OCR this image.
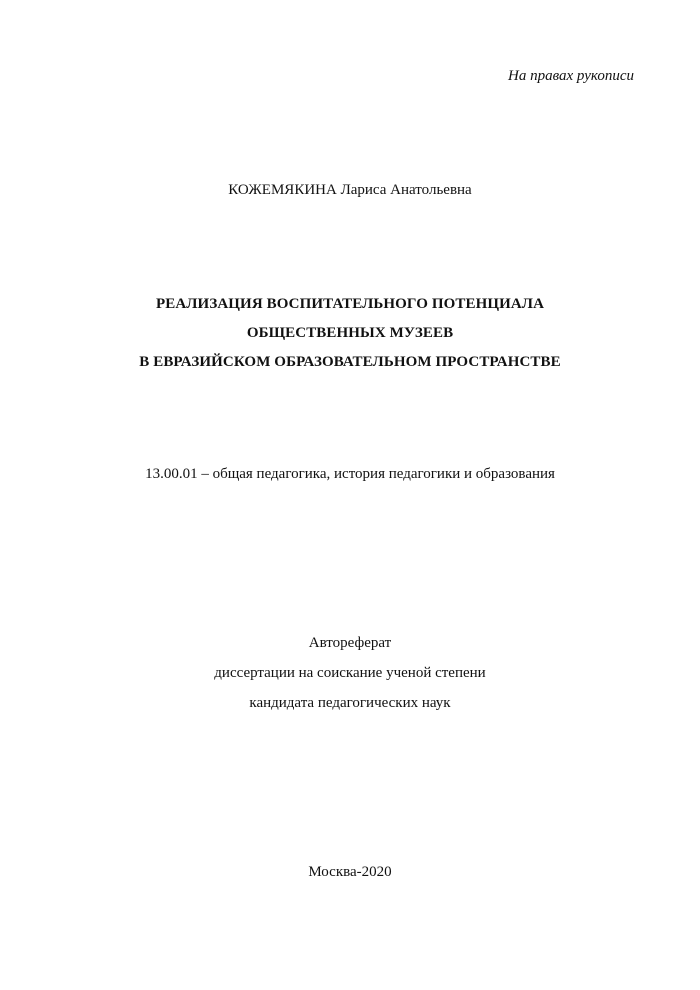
На правах рукописи
КОЖЕМЯКИНА Лариса Анатольевна
РЕАЛИЗАЦИЯ ВОСПИТАТЕЛЬНОГО ПОТЕНЦИАЛА
ОБЩЕСТВЕННЫХ МУЗЕЕВ
В ЕВРАЗИЙСКОМ ОБРАЗОВАТЕЛЬНОМ ПРОСТРАНСТВЕ
13.00.01 – общая педагогика, история педагогики и образования
Автореферат
диссертации на соискание ученой степени
кандидата педагогических наук
Москва-2020
